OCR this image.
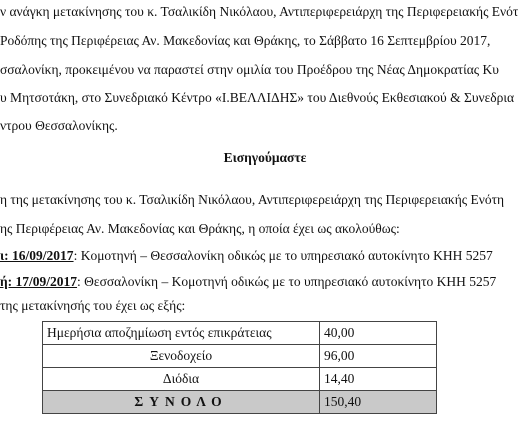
ν ανάγκη μετακίνησης του κ. Τσαλικίδη Νικόλαου, Αντιπεριφερειάρχη της Περιφερειακής Ενότ
Ροδόπης της Περιφέρειας Αν. Μακεδονίας και Θράκης, το Σάββατο 16 Σεπτεμβρίου 2017,
σσαλονίκη, προκειμένου να παραστεί στην ομιλία του Προέδρου της Νέας Δημοκρατίας Κυ
υ Μητσοτάκη, στο Συνεδριακό Κέντρο «Ι.ΒΕΛΛΙΔΗΣ» του Διεθνούς Εκθεσιακού & Συνεδρια
ντρου Θεσσαλονίκης.
Εισηγούμαστε
η της μετακίνησης του κ. Τσαλικίδη Νικόλαου, Αντιπεριφερειάρχη της Περιφερειακής Ενότη
ης Περιφέρειας Αν. Μακεδονίας και Θράκης, η οποία έχει ως ακολούθως:
ι: 16/09/2017: Κομοτηνή – Θεσσαλονίκη οδικώς με το υπηρεσιακό αυτοκίνητο ΚΗΗ 5257
ή: 17/09/2017: Θεσσαλονίκη – Κομοτηνή οδικώς με το υπηρεσιακό αυτοκίνητο ΚΗΗ 5257
της μετακίνησής του έχει ως εξής:
Ημερήσια αποζημίωση εντός επικράτειας	40,00
Ξενοδοχείο	96,00
Διόδια	14,40
ΣΥΝΟΛΟ	150,40
